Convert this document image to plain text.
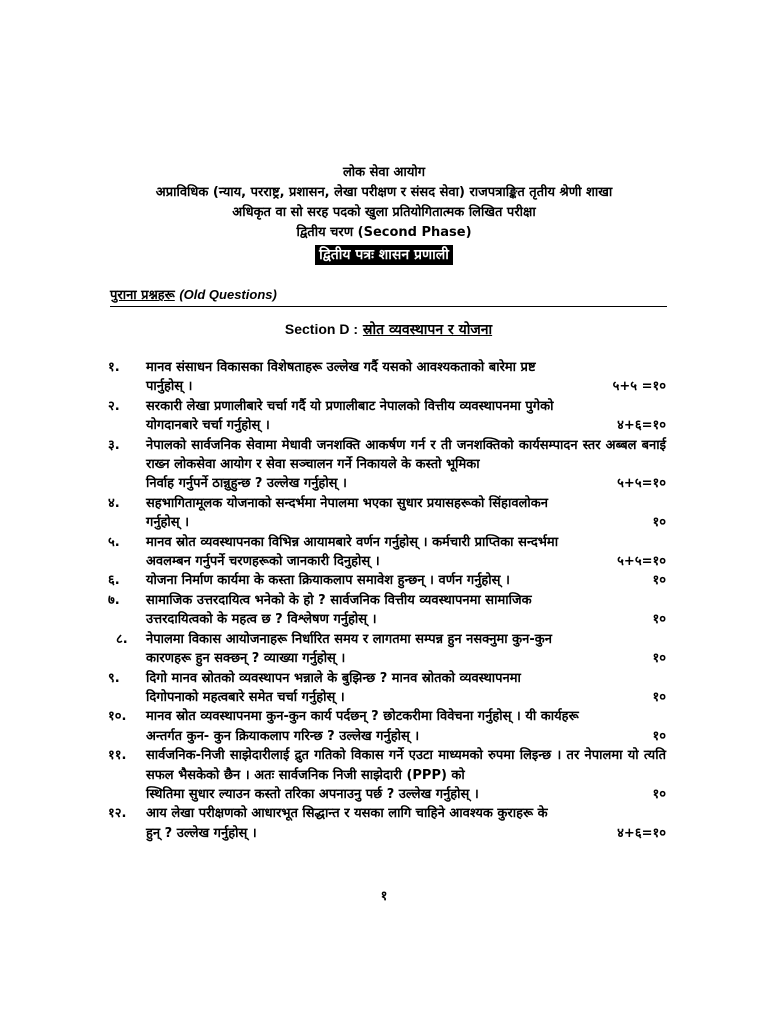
लोक सेवा आयोग
अप्राविधिक (न्याय, परराष्ट्र, प्रशासन, लेखा परीक्षण र संसद सेवा) राजपत्राङ्कित तृतीय श्रेणी शाखा
अधिकृत वा सो सरह पदको खुला प्रतियोगितात्मक लिखित परीक्षा
द्वितीय चरण (Second Phase)
द्वितीय पत्रः शासन प्रणाली
पुराना प्रश्नहरू (Old Questions)
Section D : स्रोत व्यवस्थापन र योजना
१. मानव संसाधन विकासका विशेषताहरू उल्लेख गर्दै यसको आवश्यकताको बारेमा प्रष्ट
५+५ =१०
पार्नुहोस् ।
२. सरकारी लेखा प्रणालीबारे चर्चा गर्दै यो प्रणालीबाट नेपालको वित्तीय व्यवस्थापनमा पुगेको
४+६=१०
योगदानबारे चर्चा गर्नुहोस् ।
३. नेपालको सार्वजनिक सेवामा मेधावी जनशक्ति आकर्षण गर्न र ती जनशक्तिको कार्यसम्पादन स्तर अब्बल बनाई राख्न लोकसेवा आयोग र सेवा सञ्चालन गर्ने निकायले के कस्तो भूमिका
५+५=१०
निर्वाह गर्नुपर्ने ठान्नुहुन्छ ? उल्लेख गर्नुहोस् ।
४. सहभागितामूलक योजनाको सन्दर्भमा नेपालमा भएका सुधार प्रयासहरूको सिंहावलोकन
१०
गर्नुहोस् ।
५. मानव स्रोत व्यवस्थापनका विभिन्न आयामबारे वर्णन गर्नुहोस् । कर्मचारी प्राप्तिका सन्दर्भमा
५+५=१०
अवलम्बन गर्नुपर्ने चरणहरूको जानकारी दिनुहोस् ।
६.	१०
योजना निर्माण कार्यमा के कस्ता क्रियाकलाप समावेश हुन्छन् । वर्णन गर्नुहोस् ।
७. सामाजिक उत्तरदायित्व भनेको के हो ? सार्वजनिक वित्तीय व्यवस्थापनमा सामाजिक
१०
उत्तरदायित्वको के महत्व छ ? विश्लेषण गर्नुहोस् ।
८. नेपालमा विकास आयोजनाहरू निर्धारित समय र लागतमा सम्पन्न हुन नसक्नुमा कुन-कुन
१०
कारणहरू हुन सक्छन् ? व्याख्या गर्नुहोस् ।
९. दिगो मानव स्रोतको व्यवस्थापन भन्नाले के बुझिन्छ ? मानव स्रोतको व्यवस्थापनमा
१०
दिगोपनाको महत्वबारे समेत चर्चा गर्नुहोस् ।
१०. मानव स्रोत व्यवस्थापनमा कुन-कुन कार्य पर्दछन् ? छोटकरीमा विवेचना गर्नुहोस् । यी कार्यहरू
१०
अन्तर्गत कुन- कुन क्रियाकलाप गरिन्छ ? उल्लेख गर्नुहोस् ।
११. सार्वजनिक-निजी साझेदारीलाई द्रुत गतिको विकास गर्ने एउटा माध्यमको रुपमा लिइन्छ । तर नेपालमा यो त्यति सफल भैसकेको छैन । अतः सार्वजनिक निजी साझेदारी (PPP) को
१०
स्थितिमा सुधार ल्याउन कस्तो तरिका अपनाउनु पर्छ ? उल्लेख गर्नुहोस् ।
१२. आय लेखा परीक्षणको आधारभूत सिद्धान्त र यसका लागि चाहिने आवश्यक कुराहरू के
४+६=१०
हुन् ? उल्लेख गर्नुहोस् ।
१
